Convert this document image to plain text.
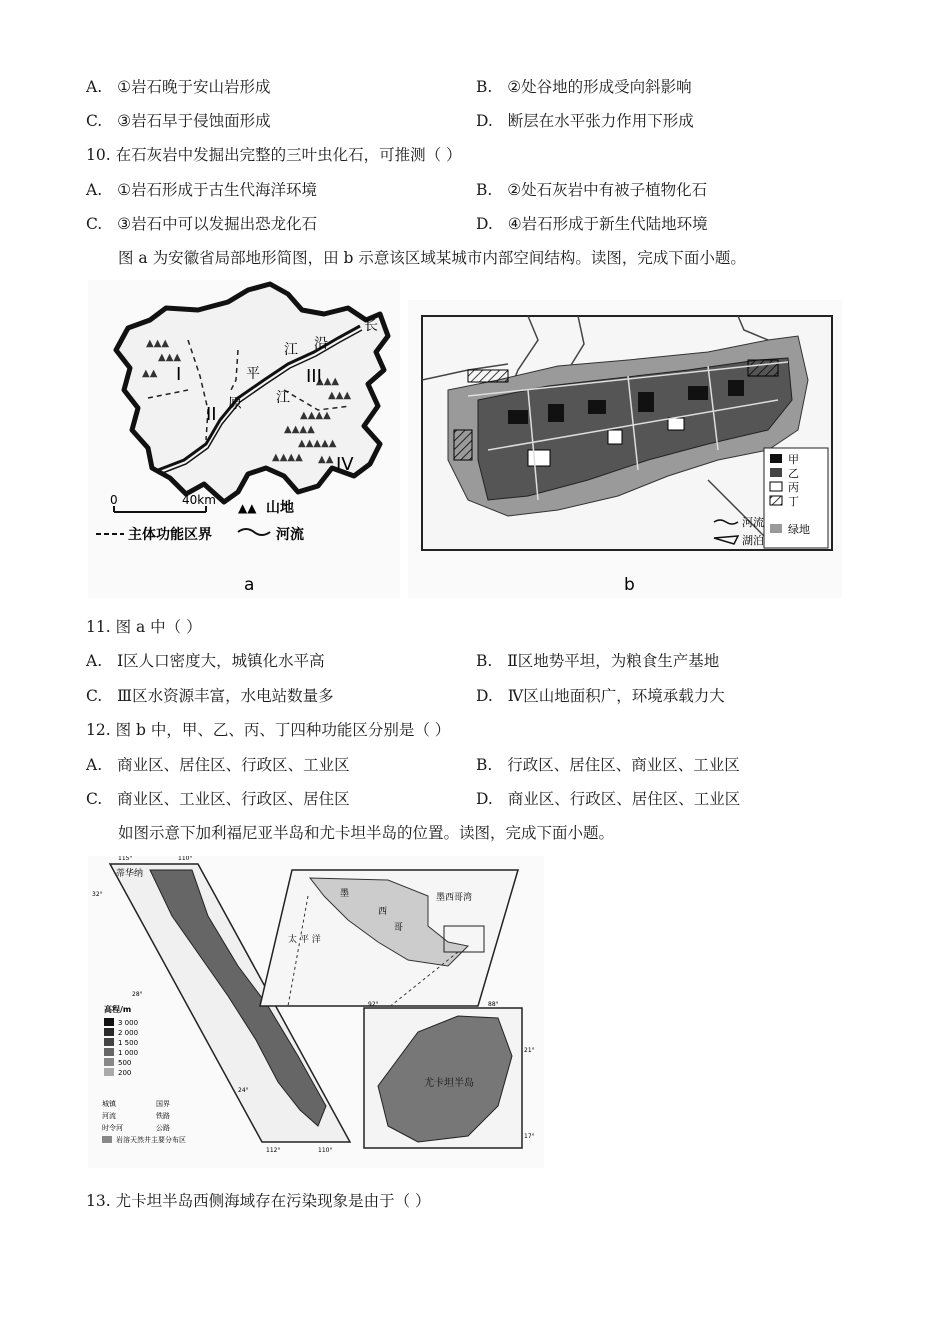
A. ①岩石晚于安山岩形成	B. ②处谷地的形成受向斜影响
C. ③岩石早于侵蚀面形成	D. 断层在水平张力作用下形成
10. 在石灰岩中发掘出完整的三叶虫化石，可推测（ ）
A. ①岩石形成于古生代海洋环境	B. ②处石灰岩中有被子植物化石
C. ③岩石中可以发掘出恐龙化石	D. ④岩石形成于新生代陆地环境
图 a 为安徽省局部地形简图，田 b 示意该区域某城市内部空间结构。读图，完成下面小题。
▲▲▲
▲▲▲
▲▲
▲▲▲
▲▲▲
▲▲▲▲
▲▲▲▲
▲▲▲▲▲
▲▲▲▲ ▲▲
I
II
III
IV
长
江 沿
平
原 江
0	40km
▲▲ 山地
主体功能区界	河流
a
甲
乙
丙
丁
绿地
河流
湖泊
b
11. 图 a 中（ ）
A. Ⅰ区人口密度大，城镇化水平高	B. Ⅱ区地势平坦，为粮食生产基地
C. Ⅲ区水资源丰富，水电站数量多	D. Ⅳ区山地面积广，环境承载力大
12. 图 b 中，甲、乙、丙、丁四种功能区分别是（ ）
A. 商业区、居住区、行政区、工业区	B. 行政区、居住区、商业区、工业区
C. 商业区、工业区、行政区、居住区	D. 商业区、行政区、居住区、工业区
如图示意下加利福尼亚半岛和尤卡坦半岛的位置。读图，完成下面小题。
蒂华纳
115°	110°
32°
28°
24°
112°	110°
高程/m
3 000
2 000
1 500
1 000
500
200
城镇	国界
河流	铁路
时令河	公路
岩溶天然井主要分布区
墨
西
哥
墨西哥湾
太 平 洋
尤卡坦半岛
92°	88°
21°
17°
13. 尤卡坦半岛西侧海域存在污染现象是由于（ ）
